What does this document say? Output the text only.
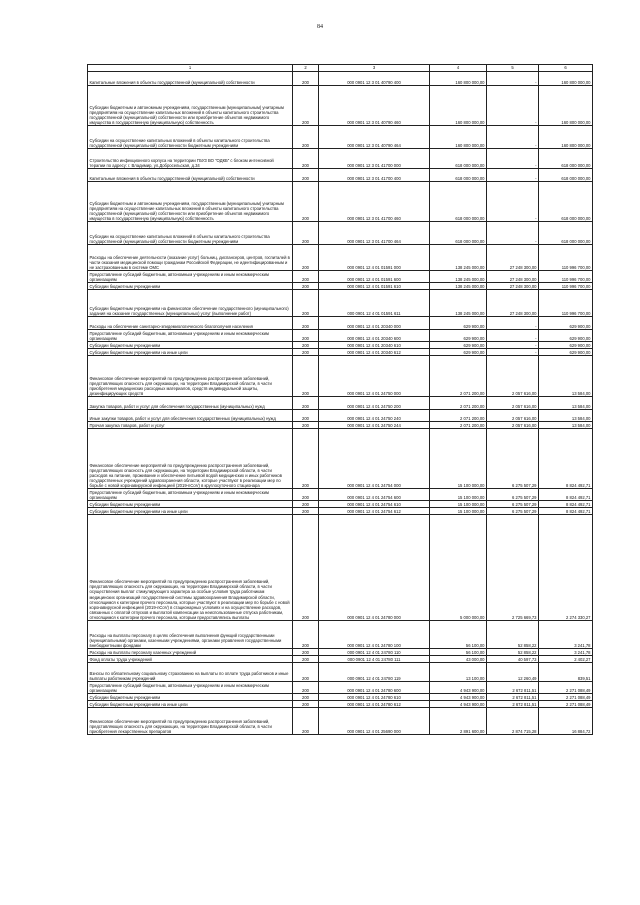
84
1	2	3	4	5	6
Капитальные вложения в объекты государственной (муниципальной) собственности	200	000 0901 12 3 01 40790 400	160 800 000,00	-	160 800 000,00
Субсидии бюджетным и автономным учреждениям, государственным (муниципальным) унитарным предприятиям на осуществление капитальных вложений в объекты капитального строительства государственной (муниципальной) собственности или приобретение объектов недвижимого имущества в государственную (муниципальную) собственность	200	000 0901 12 3 01 40790 460	160 800 000,00	-	160 800 000,00
Субсидии на осуществление капитальных вложений в объекты капитального строительства государственной (муниципальной) собственности бюджетным учреждениям	200	000 0901 12 3 01 40790 464	160 800 000,00	-	160 800 000,00
Строительство инфекционного корпуса на территории ГБУЗ ВО "ОДКБ" с блоком интенсивной терапии по адресу: г. Владимир, ул.Добросельская, д.34	200	000 0901 12 3 01 41700 000	618 000 000,00	-	618 000 000,00
Капитальные вложения в объекты государственной (муниципальной) собственности	200	000 0901 12 3 01 41700 400	618 000 000,00	-	618 000 000,00
Субсидии бюджетным и автономным учреждениям, государственным (муниципальным) унитарным предприятиям на осуществление капитальных вложений в объекты капитального строительства государственной (муниципальной) собственности или приобретение объектов недвижимого имущества в государственную (муниципальную) собственность	200	000 0901 12 3 01 41700 460	618 000 000,00	-	618 000 000,00
Субсидии на осуществление капитальных вложений в объекты капитального строительства государственной (муниципальной) собственности бюджетным учреждениям	200	000 0901 12 3 01 41700 464	618 000 000,00	-	618 000 000,00
Расходы на обеспечение деятельности (оказание услуг) больниц, диспансеров, центров, госпиталей в части оказания медицинской помощи гражданам Российской Федерации, не идентифицированным и не застрахованным в системе ОМС	200	000 0901 12 4 01 01591 000	138 245 000,00	27 248 300,00	110 996 700,00
Предоставление субсидий бюджетным, автономным учреждениям и иным некоммерческим организациям	200	000 0901 12 4 01 01591 600	138 245 000,00	27 248 300,00	110 996 700,00
Субсидии бюджетным учреждениям	200	000 0901 12 4 01 01591 610	138 245 000,00	27 248 300,00	110 996 700,00
Субсидии бюджетным учреждениям на финансовое обеспечение государственного (муниципального) задания на оказание государственных (муниципальных) услуг (выполнение работ)	200	000 0901 12 4 01 01591 611	138 245 000,00	27 248 300,00	110 996 700,00
Расходы на обеспечение санитарно-эпидемиологического благополучия населения	200	000 0901 12 4 01 20340 000	629 900,00	-	629 900,00
Предоставление субсидий бюджетным, автономным учреждениям и иным некоммерческим организациям	200	000 0901 12 4 01 20340 600	629 900,00	-	629 900,00
Субсидии бюджетным учреждениям	200	000 0901 12 4 01 20340 610	629 900,00	-	629 900,00
Субсидии бюджетным учреждениям на иные цели	200	000 0901 12 4 01 20340 612	629 900,00	-	629 900,00
Финансовое обеспечение мероприятий по предупреждению распространения заболеваний, представляющих опасность для окружающих, на территории Владимирской области, в части приобретения медицинских расходных материалов, средств индивидуальной защиты, дезинфицирующих средств	200	000 0901 12 4 01 24750 000	2 071 200,00	2 057 616,00	13 584,00
Закупка товаров, работ и услуг для обеспечения государственных (муниципальных) нужд	200	000 0901 12 4 01 24750 200	2 071 200,00	2 057 616,00	13 584,00
Иные закупки товаров, работ и услуг для обеспечения государственных (муниципальных) нужд	200	000 0901 12 4 01 24750 240	2 071 200,00	2 057 616,00	13 584,00
Прочая закупка товаров, работ и услуг	200	000 0901 12 4 01 24750 244	2 071 200,00	2 057 616,00	13 584,00
Финансовое обеспечение мероприятий по предупреждению распространения заболеваний, представляющих опасность для окружающих, на территории Владимирской области, в части расходов на питание, проживание и обеспечение питьевой водой медицинских и иных работников государственных учреждений здравоохранения области, которые участвуют в реализации мер по борьбе с новой коронавирусной инфекцией (2019-nCoV) в круглосуточного стационара	200	000 0901 12 4 01 24754 000	15 100 000,00	6 275 507,29	8 824 492,71
Предоставление субсидий бюджетным, автономным учреждениям и иным некоммерческим организациям	200	000 0901 12 4 01 24754 600	15 100 000,00	6 275 507,29	8 824 492,71
Субсидии бюджетным учреждениям	200	000 0901 12 4 01 24754 610	15 100 000,00	6 275 507,29	8 824 492,71
Субсидии бюджетным учреждениям на иные цели	200	000 0901 12 4 01 24754 612	15 100 000,00	6 275 507,29	8 824 492,71
Финансовое обеспечение мероприятий по предупреждению распространения заболеваний, представляющих опасность для окружающих, на территории Владимирской области, в части осуществления выплат стимулирующего характера за особые условия труда работникам медицинских организаций государственной системы здравоохранения Владимирской области, относящимся к категории прочего персонала, которые участвуют в реализации мер по борьбе с новой коронавирусной инфекцией (2019-nCoV) в стационарных условиях и на осуществление расходов, связанных с оплатой отпусков и выплатой компенсации за неиспользованные отпуска работникам, относящимся к категории прочего персонала, которым предоставлялись выплаты	200	000 0901 12 4 01 24780 000	5 000 000,00	2 725 669,73	2 274 330,27
Расходы на выплаты персоналу в целях обеспечения выполнения функций государственными (муниципальными) органами, казенными учреждениями, органами управления государственными внебюджетными фондами	200	000 0901 12 4 01 24780 100	56 100,00	52 858,22	3 241,78
Расходы на выплаты персоналу казенных учреждений	200	000 0901 12 4 01 24780 110	56 100,00	52 858,22	3 241,78
Фонд оплаты труда учреждений	200	000 0901 12 4 01 24780 111	43 000,00	40 597,73	2 402,27
Взносы по обязательному социальному страхованию на выплаты по оплате труда работников и иные выплаты работникам учреждений	200	000 0901 12 4 01 24780 119	13 100,00	12 260,49	839,51
Предоставление субсидий бюджетным, автономным учреждениям и иным некоммерческим организациям	200	000 0901 12 4 01 24780 600	4 943 900,00	2 672 811,51	2 271 088,49
Субсидии бюджетным учреждениям	200	000 0901 12 4 01 24780 610	4 943 900,00	2 672 811,51	2 271 088,49
Субсидии бюджетным учреждениям на иные цели	200	000 0901 12 4 01 24780 612	4 943 900,00	2 672 811,51	2 271 088,49
Финансовое обеспечение мероприятий по предупреждению распространения заболеваний, представляющих опасность для окружающих, на территории Владимирской области, в части приобретения лекарственных препаратов	200	000 0901 12 4 01 25690 000	2 891 600,00	2 874 715,28	16 884,72
